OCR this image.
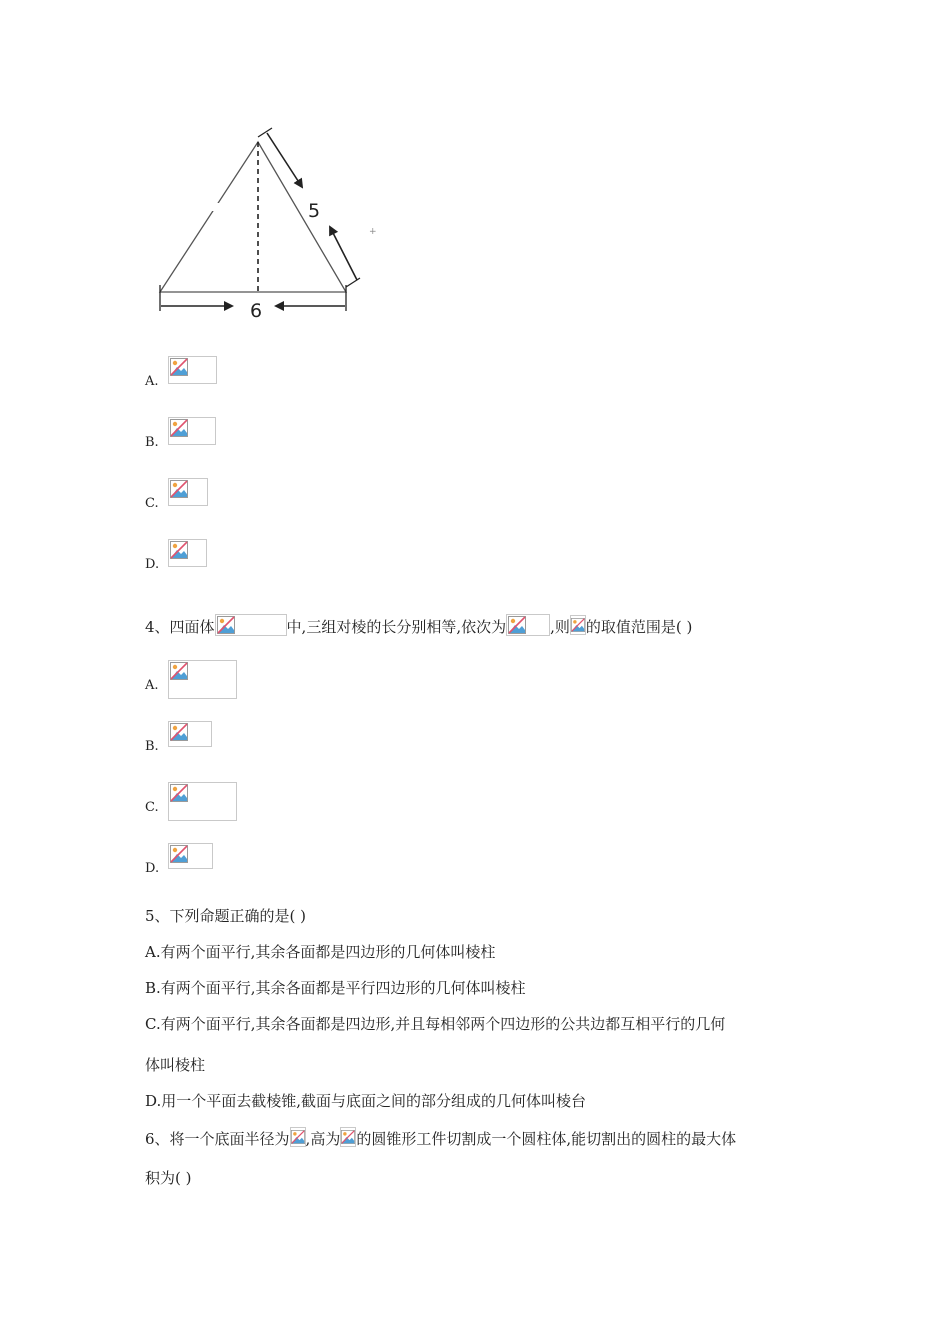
5
6
+
A.
B.
C.
D.
4、四面体	中,三组对棱的长分别相等,依次为	,则 的取值范围是( )
A.
B.
C.
D.
5、下列命题正确的是( )
A.有两个面平行,其余各面都是四边形的几何体叫棱柱
B.有两个面平行,其余各面都是平行四边形的几何体叫棱柱
C.有两个面平行,其余各面都是四边形,并且每相邻两个四边形的公共边都互相平行的几何
体叫棱柱
D.用一个平面去截棱锥,截面与底面之间的部分组成的几何体叫棱台
6、将一个底面半径为 ,高为 的圆锥形工件切割成一个圆柱体,能切割出的圆柱的最大体
积为( )
